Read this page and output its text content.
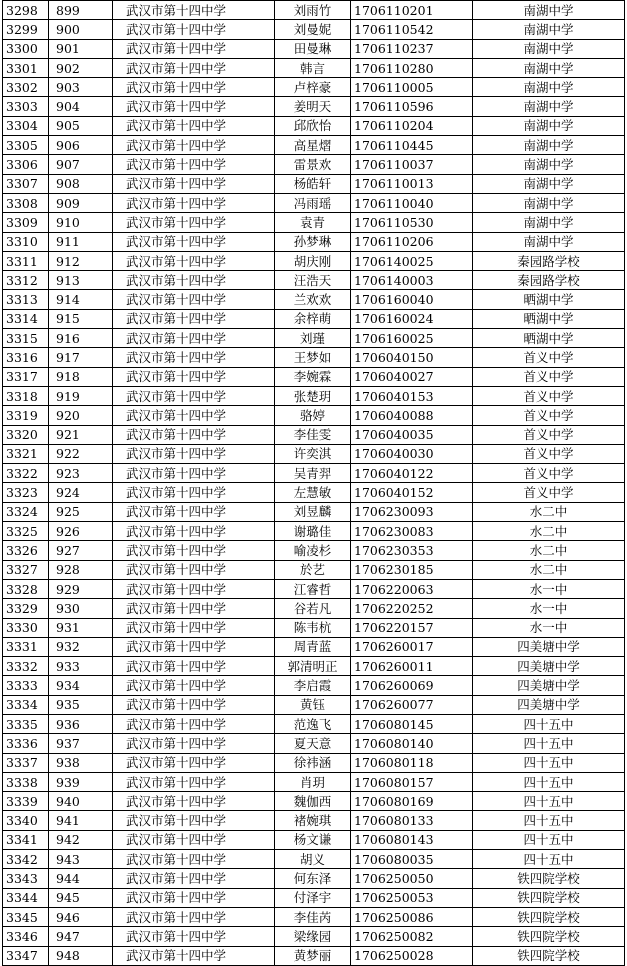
3298	899	武汉市第十四中学	刘雨竹	1706110201	南湖中学
3299	900	武汉市第十四中学	刘曼妮	1706110542	南湖中学
3300	901	武汉市第十四中学	田曼琳	1706110237	南湖中学
3301	902	武汉市第十四中学	韩言	1706110280	南湖中学
3302	903	武汉市第十四中学	卢梓豪	1706110005	南湖中学
3303	904	武汉市第十四中学	姜明天	1706110596	南湖中学
3304	905	武汉市第十四中学	邱欣怡	1706110204	南湖中学
3305	906	武汉市第十四中学	高星熠	1706110445	南湖中学
3306	907	武汉市第十四中学	雷景欢	1706110037	南湖中学
3307	908	武汉市第十四中学	杨皓轩	1706110013	南湖中学
3308	909	武汉市第十四中学	冯雨瑶	1706110040	南湖中学
3309	910	武汉市第十四中学	袁青	1706110530	南湖中学
3310	911	武汉市第十四中学	孙梦琳	1706110206	南湖中学
3311	912	武汉市第十四中学	胡庆刚	1706140025	秦园路学校
3312	913	武汉市第十四中学	汪浩天	1706140003	秦园路学校
3313	914	武汉市第十四中学	兰欢欢	1706160040	晒湖中学
3314	915	武汉市第十四中学	余梓萌	1706160024	晒湖中学
3315	916	武汉市第十四中学	刘瑾	1706160025	晒湖中学
3316	917	武汉市第十四中学	王梦如	1706040150	首义中学
3317	918	武汉市第十四中学	李婉霖	1706040027	首义中学
3318	919	武汉市第十四中学	张楚玥	1706040153	首义中学
3319	920	武汉市第十四中学	骆婷	1706040088	首义中学
3320	921	武汉市第十四中学	李佳雯	1706040035	首义中学
3321	922	武汉市第十四中学	许奕淇	1706040030	首义中学
3322	923	武汉市第十四中学	吴青羿	1706040122	首义中学
3323	924	武汉市第十四中学	左慧敏	1706040152	首义中学
3324	925	武汉市第十四中学	刘昱麟	1706230093	水二中
3325	926	武汉市第十四中学	谢璐佳	1706230083	水二中
3326	927	武汉市第十四中学	喻凌杉	1706230353	水二中
3327	928	武汉市第十四中学	於艺	1706230185	水二中
3328	929	武汉市第十四中学	江睿哲	1706220063	水一中
3329	930	武汉市第十四中学	谷若凡	1706220252	水一中
3330	931	武汉市第十四中学	陈韦杭	1706220157	水一中
3331	932	武汉市第十四中学	周青蓝	1706260017	四美塘中学
3332	933	武汉市第十四中学	郭清明正	1706260011	四美塘中学
3333	934	武汉市第十四中学	李启霞	1706260069	四美塘中学
3334	935	武汉市第十四中学	黄钰	1706260077	四美塘中学
3335	936	武汉市第十四中学	范逸飞	1706080145	四十五中
3336	937	武汉市第十四中学	夏天意	1706080140	四十五中
3337	938	武汉市第十四中学	徐祎涵	1706080118	四十五中
3338	939	武汉市第十四中学	肖玥	1706080157	四十五中
3339	940	武汉市第十四中学	魏伽西	1706080169	四十五中
3340	941	武汉市第十四中学	褚婉琪	1706080133	四十五中
3341	942	武汉市第十四中学	杨文谦	1706080143	四十五中
3342	943	武汉市第十四中学	胡义	1706080035	四十五中
3343	944	武汉市第十四中学	何东泽	1706250050	铁四院学校
3344	945	武汉市第十四中学	付泽宇	1706250053	铁四院学校
3345	946	武汉市第十四中学	李佳芮	1706250086	铁四院学校
3346	947	武汉市第十四中学	梁缘园	1706250082	铁四院学校
3347	948	武汉市第十四中学	黄梦丽	1706250028	铁四院学校
